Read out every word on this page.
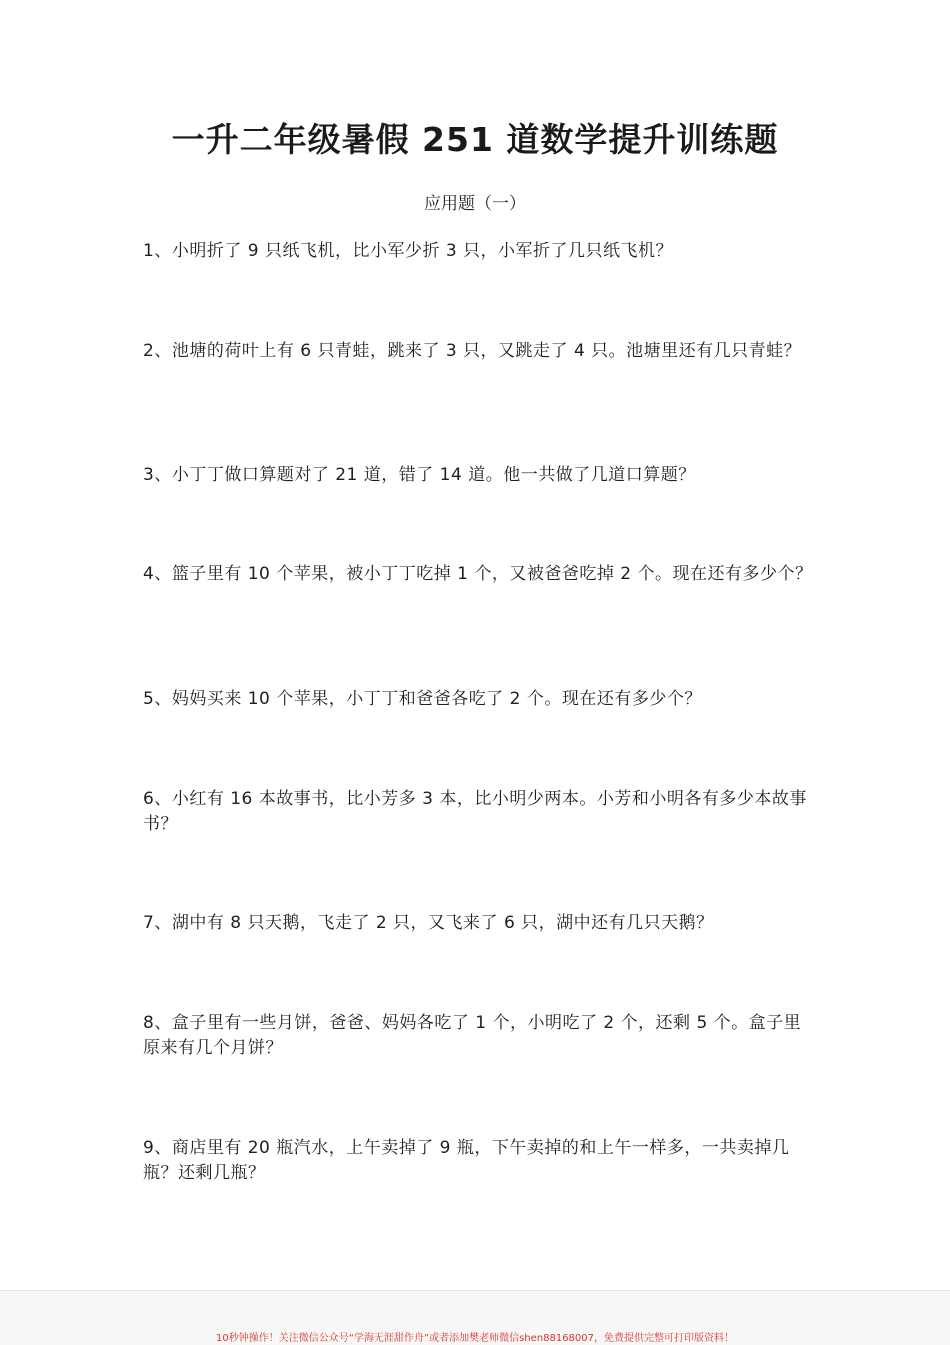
一升二年级暑假 251 道数学提升训练题
应用题（一）
1、小明折了 9 只纸飞机，比小军少折 3 只，小军折了几只纸飞机？
2、池塘的荷叶上有 6 只青蛙，跳来了 3 只，又跳走了 4 只。池塘里还有几只青蛙？
3、小丁丁做口算题对了 21 道，错了 14 道。他一共做了几道口算题？
4、篮子里有 10 个苹果，被小丁丁吃掉 1 个，又被爸爸吃掉 2 个。现在还有多少个？
5、妈妈买来 10 个苹果，小丁丁和爸爸各吃了 2 个。现在还有多少个？
6、小红有 16 本故事书，比小芳多 3 本，比小明少两本。小芳和小明各有多少本故事书？
7、湖中有 8 只天鹅，飞走了 2 只，又飞来了 6 只，湖中还有几只天鹅？
8、盒子里有一些月饼，爸爸、妈妈各吃了 1 个，小明吃了 2 个，还剩 5 个。盒子里原来有几个月饼？
9、商店里有 20 瓶汽水，上午卖掉了 9 瓶，下午卖掉的和上午一样多，一共卖掉几瓶？还剩几瓶？
10秒钟操作！关注微信公众号“学海无涯甜作舟”或者添加樊老师微信shen88168007，免费提供完整可打印版资料！
